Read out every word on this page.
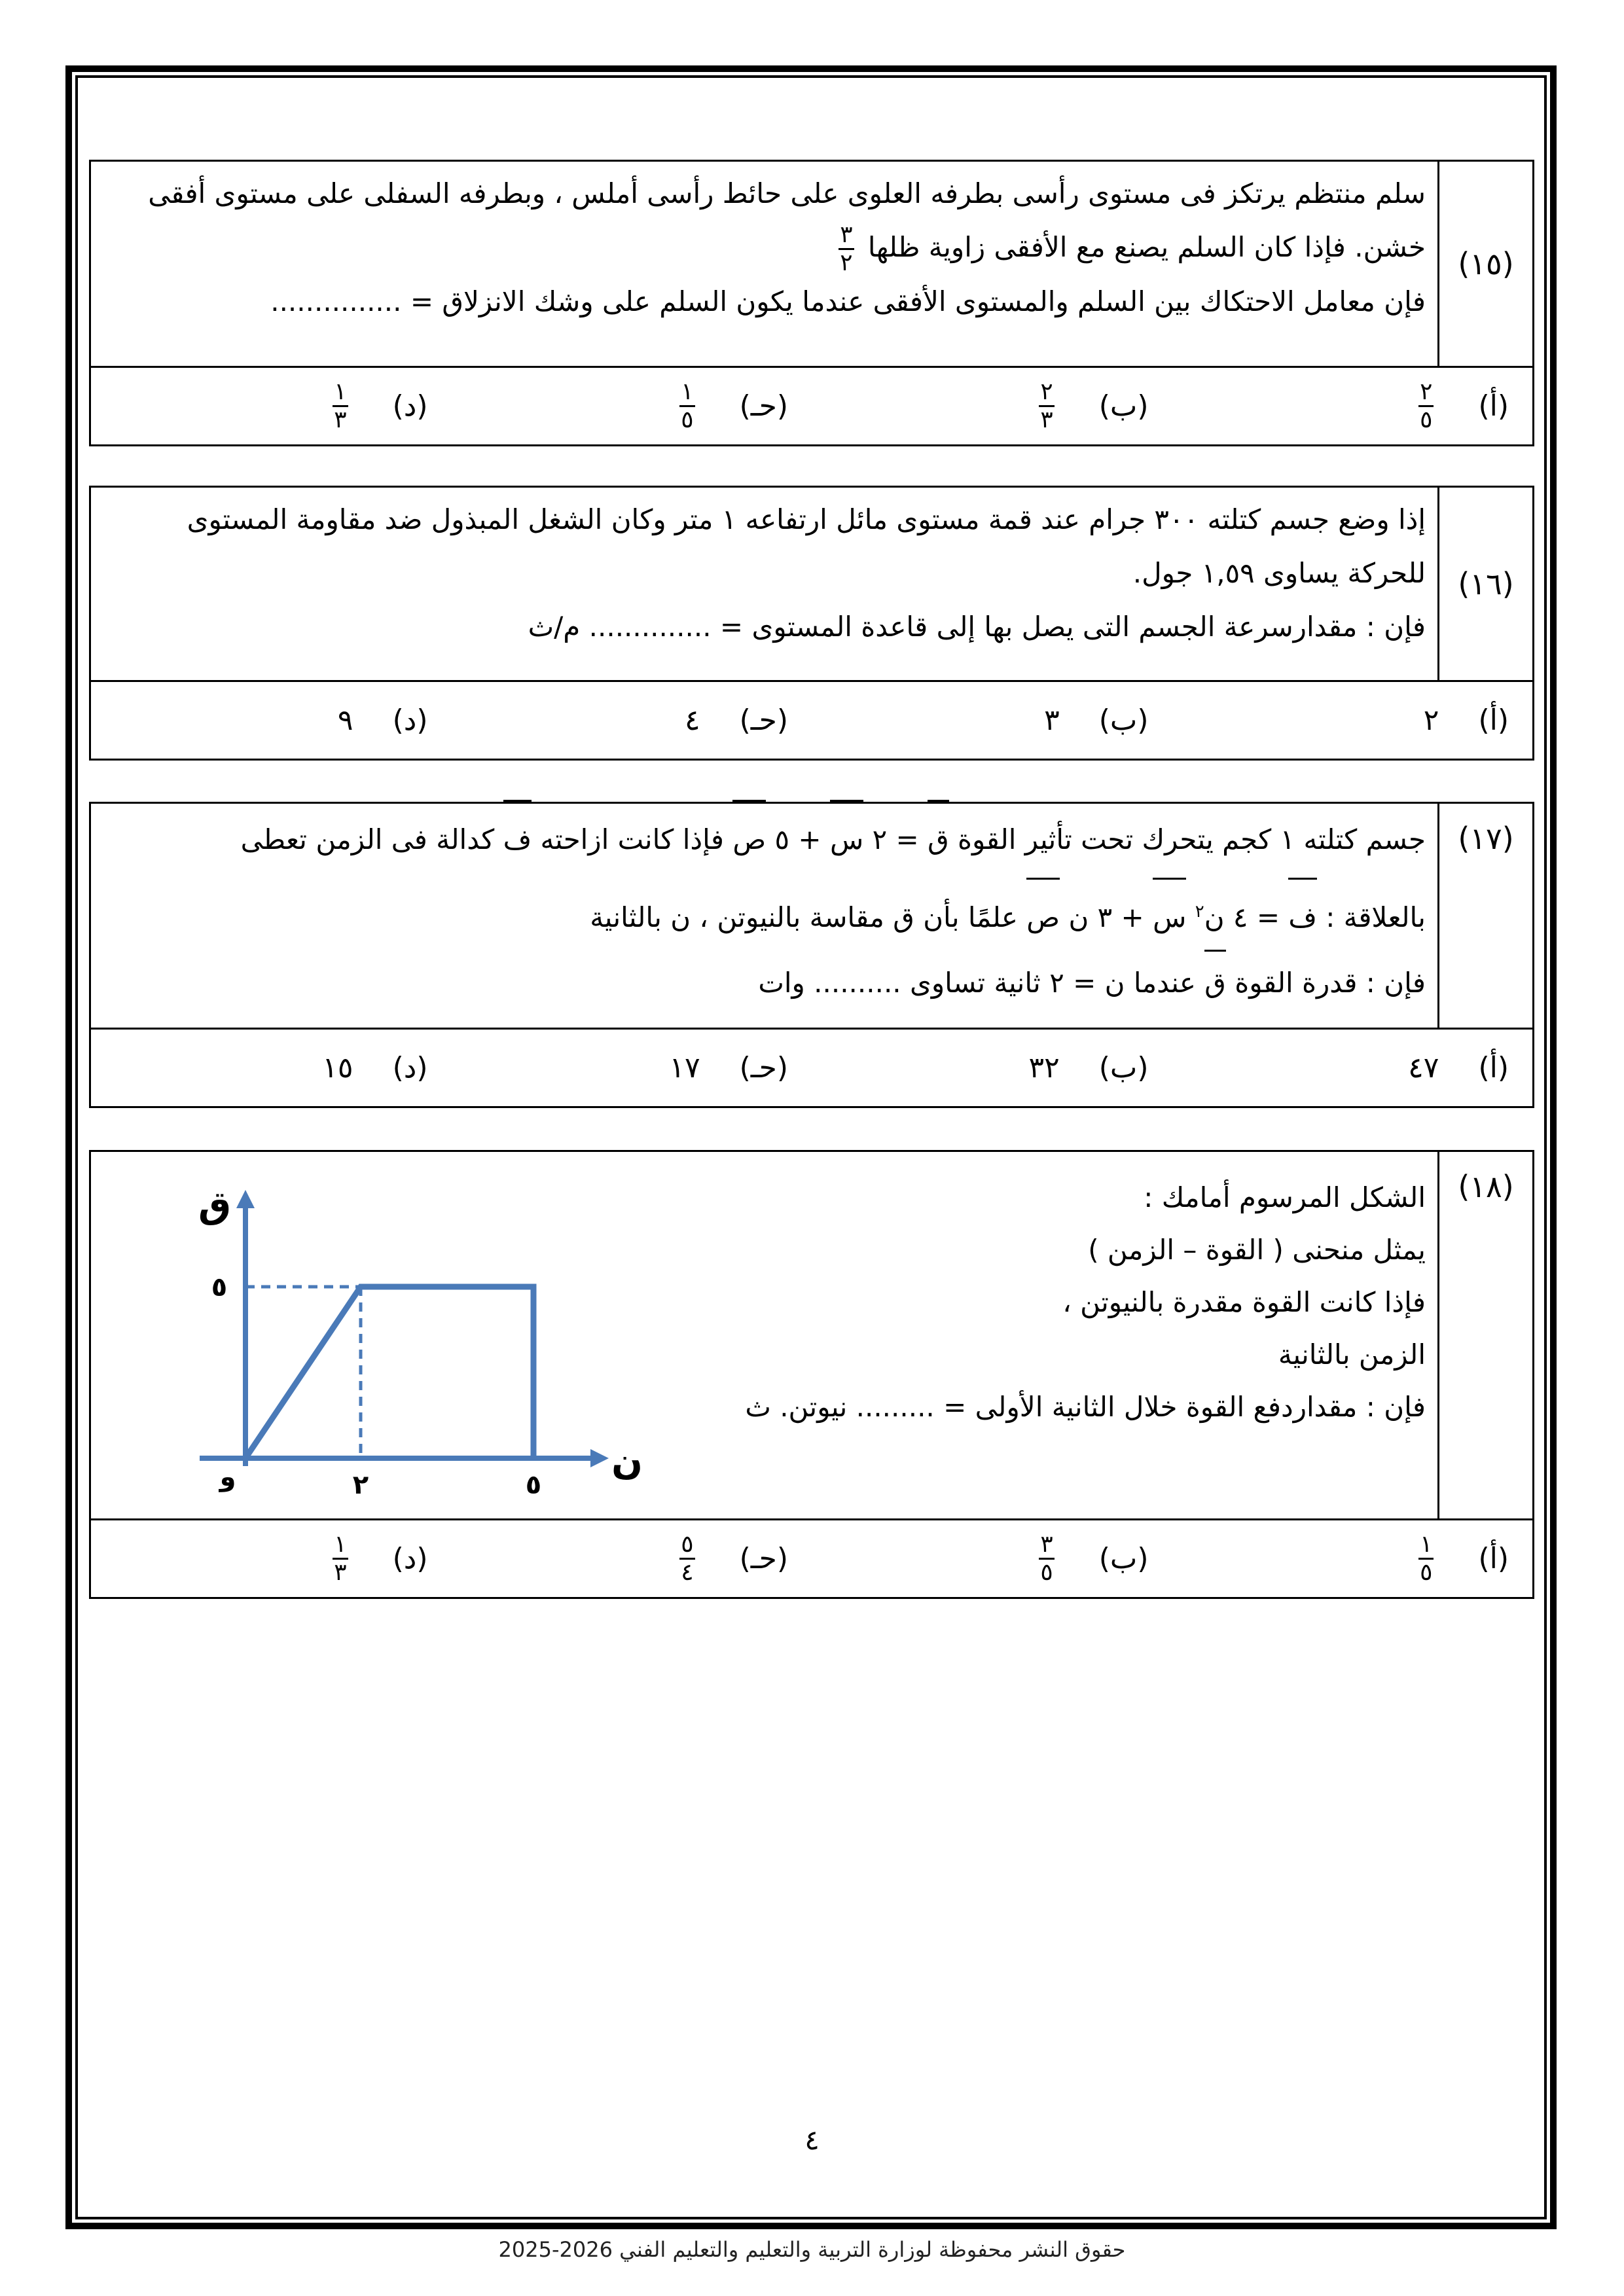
(١٥)

سلم منتظم يرتكز فى مستوى رأسى بطرفه العلوى على حائط رأسى أملس ، وبطرفه السفلى على مستوى أفقى

خشن. فإذا كان السلم يصنع مع الأفقى زاوية ظلها
$\frac{٣}{٢}$

فإن معامل الاحتكاك بين السلم والمستوى الأفقى عندما يكون السلم على وشك الانزلاق = ...............

(أ)
$\frac{٢}{٥}$
(ب)
$\frac{٢}{٣}$
(حـ)
$\frac{١}{٥}$
(د)
$\frac{١}{٣}$
(١٦)

إذا وضع جسم كتلته ٣٠٠ جرام عند قمة مستوى مائل ارتفاعه ١ متر وكان الشغل المبذول ضد مقاومة المستوى

للحركة يساوى ١,٥٩ جول.

فإن : مقدارسرعة الجسم التى يصل بها إلى قاعدة المستوى = .............. م/ث

(أ)
٢
(ب)
٣
(حـ)
٤
(د)
٩
(١٧)

جسم كتلته ١ كجم يتحرك تحت تأثير القوة ق = ٢ س + ٥ ص فإذا كانت ازاحته ف كدالة فى الزمن تعطى

بالعلاقة : ف = ٤ ن$^٢$ س + ٣ ن ص علمًا بأن ق مقاسة بالنيوتن ، ن بالثانية

فإن : قدرة القوة ق عندما ن = ٢ ثانية تساوى .......... وات

(أ)
٤٧
(ب)
٣٢
(حـ)
١٧
(د)
١٥
(١٨)

الشكل المرسوم أمامك :

يمثل منحنى ( القوة – الزمن )

فإذا كانت القوة مقدرة بالنيوتن ،

الزمن بالثانية

فإن : مقداردفع القوة خلال الثانية الأولى = ......... نيوتن. ث

(أ)
$\frac{١}{٥}$
(ب)
$\frac{٣}{٥}$
(حـ)
$\frac{٥}{٤}$
(د)
$\frac{١}{٣}$
ق
ن
و
٥
٢	٥
٤
حقوق النشر محفوظة لوزارة التربية والتعليم والتعليم الفني 2026-2025
